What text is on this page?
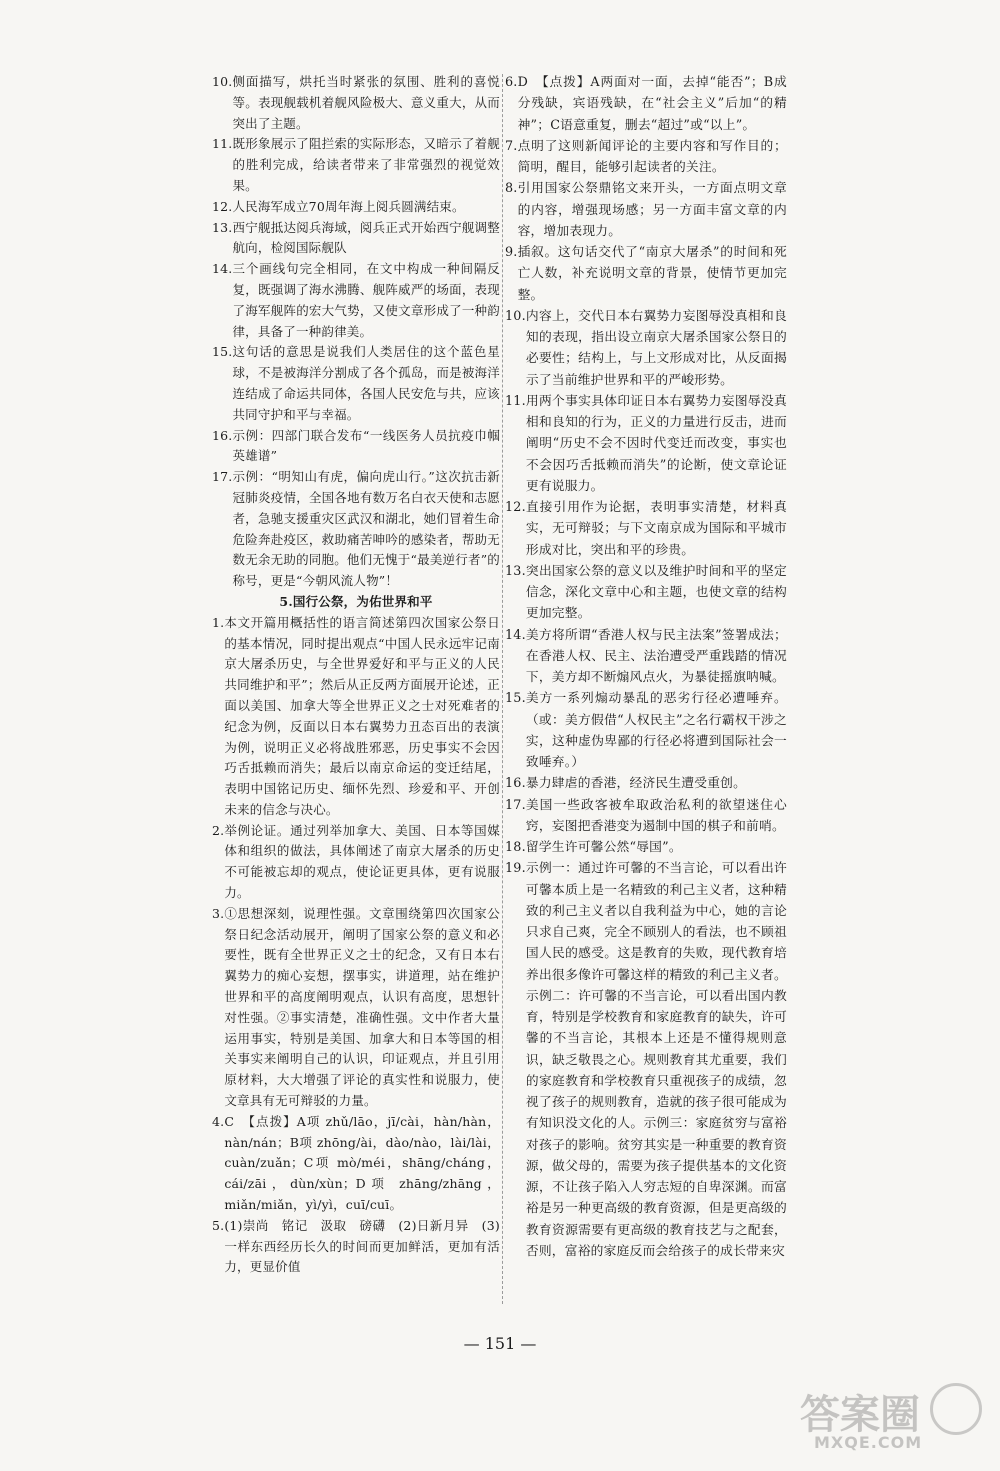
10. 侧面描写，烘托当时紧张的氛围、胜利的喜悦等。表现舰载机着舰风险极大、意义重大，从而突出了主题。
11. 既形象展示了阻拦索的实际形态，又暗示了着舰的胜利完成，给读者带来了非常强烈的视觉效果。
12. 人民海军成立70周年海上阅兵圆满结束。
13. 西宁舰抵达阅兵海域，阅兵正式开始西宁舰调整航向，检阅国际舰队
14. 三个画线句完全相同，在文中构成一种间隔反复，既强调了海水沸腾、舰阵威严的场面，表现了海军舰阵的宏大气势，又使文章形成了一种韵律，具备了一种韵律美。
15. 这句话的意思是说我们人类居住的这个蓝色星球，不是被海洋分割成了各个孤岛，而是被海洋连结成了命运共同体，各国人民安危与共，应该共同守护和平与幸福。
16. 示例：四部门联合发布“一线医务人员抗疫巾帼英雄谱”
17. 示例：“明知山有虎，偏向虎山行。”这次抗击新冠肺炎疫情，全国各地有数万名白衣天使和志愿者，急驰支援重灾区武汉和湖北，她们冒着生命危险奔赴疫区，救助痛苦呻吟的感染者，帮助无数无余无助的同胞。他们无愧于“最美逆行者”的称号，更是“今朝风流人物”！

5.国行公祭，为佑世界和平

1. 本文开篇用概括性的语言简述第四次国家公祭日的基本情况，同时提出观点“中国人民永远牢记南京大屠杀历史，与全世界爱好和平与正义的人民共同维护和平”；然后从正反两方面展开论述，正面以美国、加拿大等全世界正义之士对死难者的纪念为例，反面以日本右翼势力丑态百出的表演为例，说明正义必将战胜邪恶，历史事实不会因巧舌抵赖而消失；最后以南京命运的变迁结尾，表明中国铭记历史、缅怀先烈、珍爱和平、开创未来的信念与决心。
2. 举例论证。通过列举加拿大、美国、日本等国媒体和组织的做法，具体阐述了南京大屠杀的历史不可能被忘却的观点，使论证更具体，更有说服力。
3. ①思想深刻，说理性强。文章围绕第四次国家公祭日纪念活动展开，阐明了国家公祭的意义和必要性，既有全世界正义之士的纪念，又有日本右翼势力的痴心妄想，摆事实，讲道理，站在维护世界和平的高度阐明观点，认识有高度，思想针对性强。②事实清楚，准确性强。文中作者大量运用事实，特别是美国、加拿大和日本等国的相关事实来阐明自己的认识，印证观点，并且引用原材料，大大增强了评论的真实性和说服力，使文章具有无可辩驳的力量。
4. C　【点拨】A项 zhǔ/lāo，jī/cài，hàn/hàn，nàn/nán；B项 zhōng/ài，dào/nào，lài/lài，cuàn/zuǎn；C项 mò/méi，shāng/cháng，cái/zāi，dùn/xùn；D项 zhāng/zhāng，miǎn/miǎn，yì/yì，cuī/cuī。
5. (1)崇尚　铭记　汲取　磅礴　(2)日新月异　(3)一样东西经历长久的时间而更加鲜活，更加有活力，更显价值
6. D　【点拨】A两面对一面，去掉“能否”；B成分残缺，宾语残缺，在“社会主义”后加“的精神”；C语意重复，删去“超过”或“以上”。
7. 点明了这则新闻评论的主要内容和写作目的；简明，醒目，能够引起读者的关注。
8. 引用国家公祭鼎铭文来开头，一方面点明文章的内容，增强现场感；另一方面丰富文章的内容，增加表现力。
9. 插叙。这句话交代了“南京大屠杀”的时间和死亡人数，补充说明文章的背景，使情节更加完整。
10. 内容上，交代日本右翼势力妄图辱没真相和良知的表现，指出设立南京大屠杀国家公祭日的必要性；结构上，与上文形成对比，从反面揭示了当前维护世界和平的严峻形势。
11. 用两个事实具体印证日本右翼势力妄图辱没真相和良知的行为，正义的力量进行反击，进而阐明“历史不会不因时代变迁而改变，事实也不会因巧舌抵赖而消失”的论断，使文章论证更有说服力。
12. 直接引用作为论据，表明事实清楚，材料真实，无可辩驳；与下文南京成为国际和平城市形成对比，突出和平的珍贵。
13. 突出国家公祭的意义以及维护时间和平的坚定信念，深化文章中心和主题，也使文章的结构更加完整。
14. 美方将所谓“香港人权与民主法案”签署成法；在香港人权、民主、法治遭受严重践踏的情况下，美方却不断煽风点火，为暴徒摇旗呐喊。
15. 美方一系列煽动暴乱的恶劣行径必遭唾弃。（或：美方假借“人权民主”之名行霸权干涉之实，这种虚伪卑鄙的行径必将遭到国际社会一致唾弃。）
16. 暴力肆虐的香港，经济民生遭受重创。
17. 美国一些政客被牟取政治私利的欲望迷住心窍，妄图把香港变为遏制中国的棋子和前哨。
18. 留学生许可馨公然“辱国”。
19. 示例一：通过许可馨的不当言论，可以看出许可馨本质上是一名精致的利己主义者，这种精致的利己主义者以自我利益为中心，她的言论只求自己爽，完全不顾别人的看法，也不顾祖国人民的感受。这是教育的失败，现代教育培养出很多像许可馨这样的精致的利己主义者。示例二：许可馨的不当言论，可以看出国内教育，特别是学校教育和家庭教育的缺失，许可馨的不当言论，其根本上还是不懂得规则意识，缺乏敬畏之心。规则教育其尤重要，我们的家庭教育和学校教育只重视孩子的成绩，忽视了孩子的规则教育，造就的孩子很可能成为有知识没文化的人。示例三：家庭贫穷与富裕对孩子的影响。贫穷其实是一种重要的教育资源，做父母的，需要为孩子提供基本的文化资源，不让孩子陷入人穷志短的自卑深渊。而富裕是另一种更高级的教育资源，但是更高级的教育资源需要有更高级的教育技艺与之配套，否则，富裕的家庭反而会给孩子的成长带来灾
— 151 —
答案圈
MXQE.COM
